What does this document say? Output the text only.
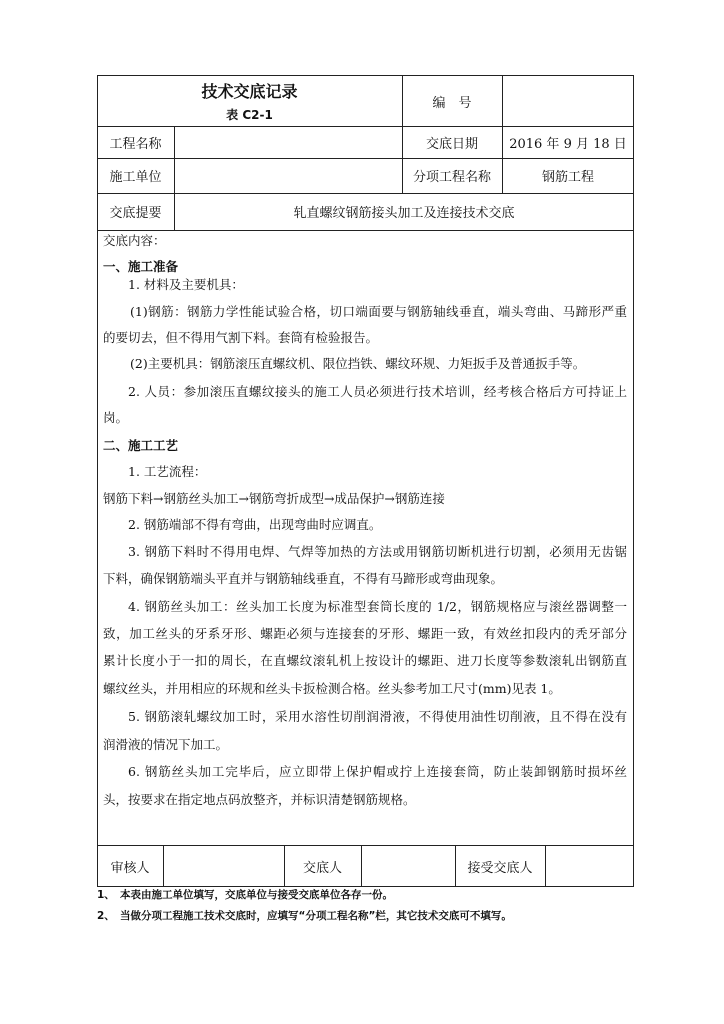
技术交底记录
表 C2-1
编　号
工程名称	交底日期	2016 年 9 月 18 日
施工单位	分项工程名称	钢筋工程
交底提要	轧直螺纹钢筋接头加工及连接技术交底
交底内容：
一、施工准备
1. 材料及主要机具：
(1)钢筋：钢筋力学性能试验合格，切口端面要与钢筋轴线垂直，端头弯曲、马蹄形严重
的要切去，但不得用气割下料。套筒有检验报告。
(2)主要机具：钢筋滚压直螺纹机、限位挡铁、螺纹环规、力矩扳手及普通扳手等。
2. 人员：参加滚压直螺纹接头的施工人员必须进行技术培训，经考核合格后方可持证上
岗。
二、施工工艺
1. 工艺流程：
钢筋下料→钢筋丝头加工→钢筋弯折成型→成品保护→钢筋连接
2. 钢筋端部不得有弯曲，出现弯曲时应调直。
3. 钢筋下料时不得用电焊、气焊等加热的方法或用钢筋切断机进行切割，必须用无齿锯
下料，确保钢筋端头平直并与钢筋轴线垂直，不得有马蹄形或弯曲现象。
4. 钢筋丝头加工：丝头加工长度为标准型套筒长度的 1/2，钢筋规格应与滚丝器调整一
致，加工丝头的牙系牙形、螺距必须与连接套的牙形、螺距一致，有效丝扣段内的秃牙部分
累计长度小于一扣的周长，在直螺纹滚轧机上按设计的螺距、进刀长度等参数滚轧出钢筋直
螺纹丝头，并用相应的环规和丝头卡扳检测合格。丝头参考加工尺寸(mm)见表 1。
5. 钢筋滚轧螺纹加工时，采用水溶性切削润滑液，不得使用油性切削液，且不得在没有
润滑液的情况下加工。
6. 钢筋丝头加工完毕后，应立即带上保护帽或拧上连接套筒，防止装卸钢筋时损坏丝
头，按要求在指定地点码放整齐，并标识清楚钢筋规格。
审核人	交底人	接受交底人
1、　本表由施工单位填写，交底单位与接受交底单位各存一份。
2、　当做分项工程施工技术交底时，应填写“分项工程名称”栏，其它技术交底可不填写。
